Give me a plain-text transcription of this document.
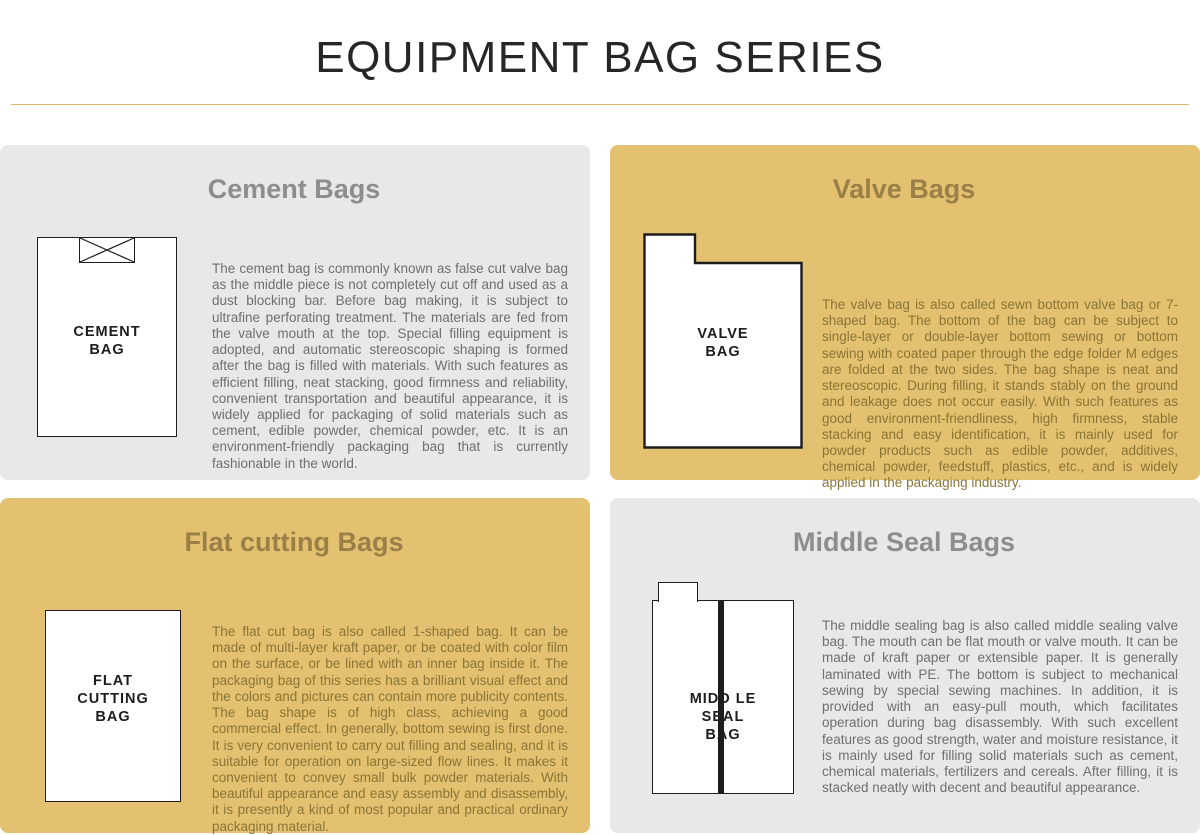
EQUIPMENT BAG SERIES
Cement Bags
CEMENT
BAG
The cement bag is commonly known as false cut valve bag as the middle piece is not completely cut off and used as a dust blocking bar. Before bag making, it is subject to ultrafine perforating treatment. The materials are fed from the valve mouth at the top. Special filling equipment is adopted, and automatic stereoscopic shaping is formed after the bag is filled with materials. With such features as efficient filling, neat stacking, good firmness and reliability, convenient transportation and beautiful appearance, it is widely applied for packaging of solid materials such as cement, edible powder, chemical powder, etc. It is an environment-friendly packaging bag that is currently fashionable in the world.
Valve Bags
VALVE
BAG
The valve bag is also called sewn bottom valve bag or 7-shaped bag. The bottom of the bag can be subject to single-layer or double-layer bottom sewing or bottom sewing with coated paper through the edge folder M edges are folded at the two sides. The bag shape is neat and stereoscopic. During filling, it stands stably on the ground and leakage does not occur easily. With such features as good environment-friendliness, high firmness, stable stacking and easy identification, it is mainly used for powder products such as edible powder, additives, chemical powder, feedstuff, plastics, etc., and is widely applied in the packaging industry.
Flat cutting Bags
FLAT
CUTTING
BAG
The flat cut bag is also called 1-shaped bag. It can be made of multi-layer kraft paper, or be coated with color film on the surface, or be lined with an inner bag inside it. The packaging bag of this series has a brilliant visual effect and the colors and pictures can contain more publicity contents. The bag shape is of high class, achieving a good commercial effect. In generally, bottom sewing is first done. It is very convenient to carry out filling and sealing, and it is suitable for operation on large-sized flow lines. It makes it convenient to convey small bulk powder materials. With beautiful appearance and easy assembly and disassembly, it is presently a kind of most popular and practical ordinary packaging material.
Middle Seal Bags
MIDD LE
SEAL
BAG
The middle sealing bag is also called middle sealing valve bag. The mouth can be flat mouth or valve mouth. It can be made of kraft paper or extensible paper. It is generally laminated with PE. The bottom is subject to mechanical sewing by special sewing machines. In addition, it is provided with an easy-pull mouth, which facilitates operation during bag disassembly. With such excellent features as good strength, water and moisture resistance, it is mainly used for filling solid materials such as cement, chemical materials, fertilizers and cereals. After filling, it is stacked neatly with decent and beautiful appearance.
